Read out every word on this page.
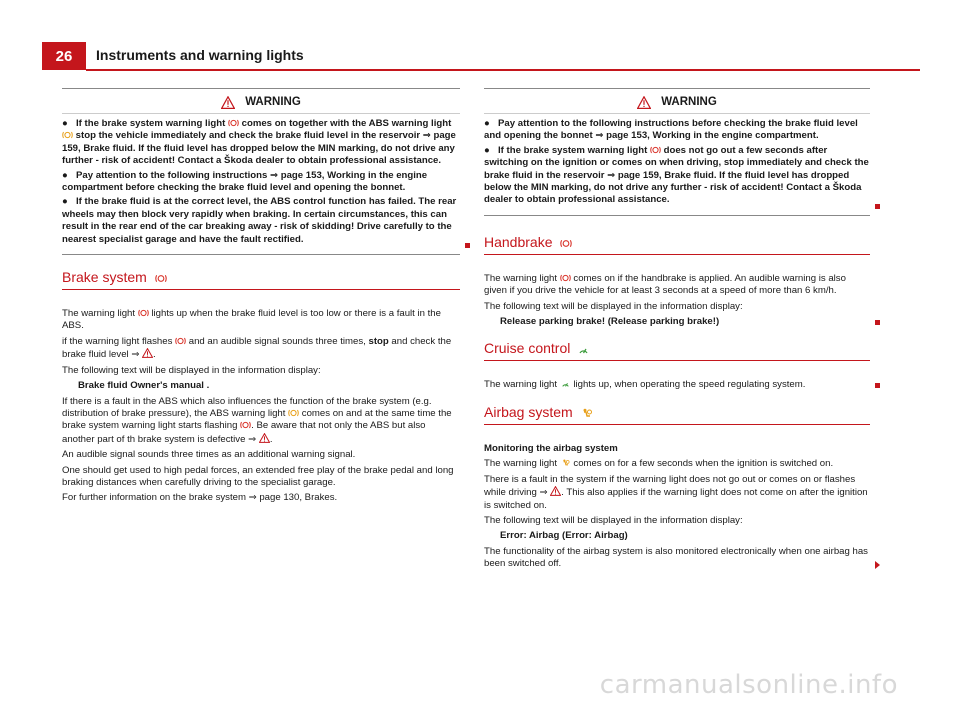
26	Instruments and warning lights
WARNING

● If the brake system warning light comes on together with the ABS warning light  stop the vehicle immediately and check the brake fluid level in the reservoir ⇒ page 159, Brake fluid. If the fluid level has dropped below the MIN marking, do not drive any further - risk of accident! Contact a Škoda dealer to obtain professional assistance.

● Pay attention to the following instructions ⇒ page 153, Working in the engine compartment before checking the brake fluid level and opening the bonnet.

● If the brake fluid is at the correct level, the ABS control function has failed. The rear wheels may then block very rapidly when braking. In certain circumstances, this can result in the rear end of the car breaking away - risk of skidding! Drive carefully to the nearest specialist garage and have the fault rectified.

Brake system

The warning light lights up when the brake fluid level is too low or there is a fault in the ABS.

if the warning light flashes and an audible signal sounds three times, stop and check the brake fluid level ⇒ .

The following text will be displayed in the information display:

Brake fluid Owner's manual .

If there is a fault in the ABS which also influences the function of the brake system (e.g. distribution of brake pressure), the ABS warning light comes on and at the same time the brake system warning light starts flashing . Be aware that not only the ABS but also another part of th brake system is defective ⇒ .

An audible signal sounds three times as an additional warning signal.

One should get used to high pedal forces, an extended free play of the brake pedal and long braking distances when carefully driving to the specialist garage.

For further information on the brake system ⇒ page 130, Brakes.

WARNING

● Pay attention to the following instructions before checking the brake fluid level and opening the bonnet ⇒ page 153, Working in the engine compartment.

● If the brake system warning light does not go out a few seconds after switching on the ignition or comes on when driving, stop immediately and check the brake fluid in the reservoir ⇒ page 159, Brake fluid. If the fluid level has dropped below the MIN marking, do not drive any further - risk of accident! Contact a Škoda dealer to obtain professional assistance.

Handbrake

The warning light comes on if the handbrake is applied. An audible warning is also given if you drive the vehicle for at least 3 seconds at a speed of more than 6 km/h.

The following text will be displayed in the information display:

Release parking brake! (Release parking brake!)

Cruise control

The warning light lights up, when operating the speed regulating system.

Airbag system

Monitoring the airbag system

The warning light comes on for a few seconds when the ignition is switched on.

There is a fault in the system if the warning light does not go out or comes on or flashes while driving ⇒ . This also applies if the warning light does not come on after the ignition is switched on.

The following text will be displayed in the information display:

Error: Airbag (Error: Airbag)

The functionality of the airbag system is also monitored electronically when one airbag has been switched off.

carmanualsonline.info
